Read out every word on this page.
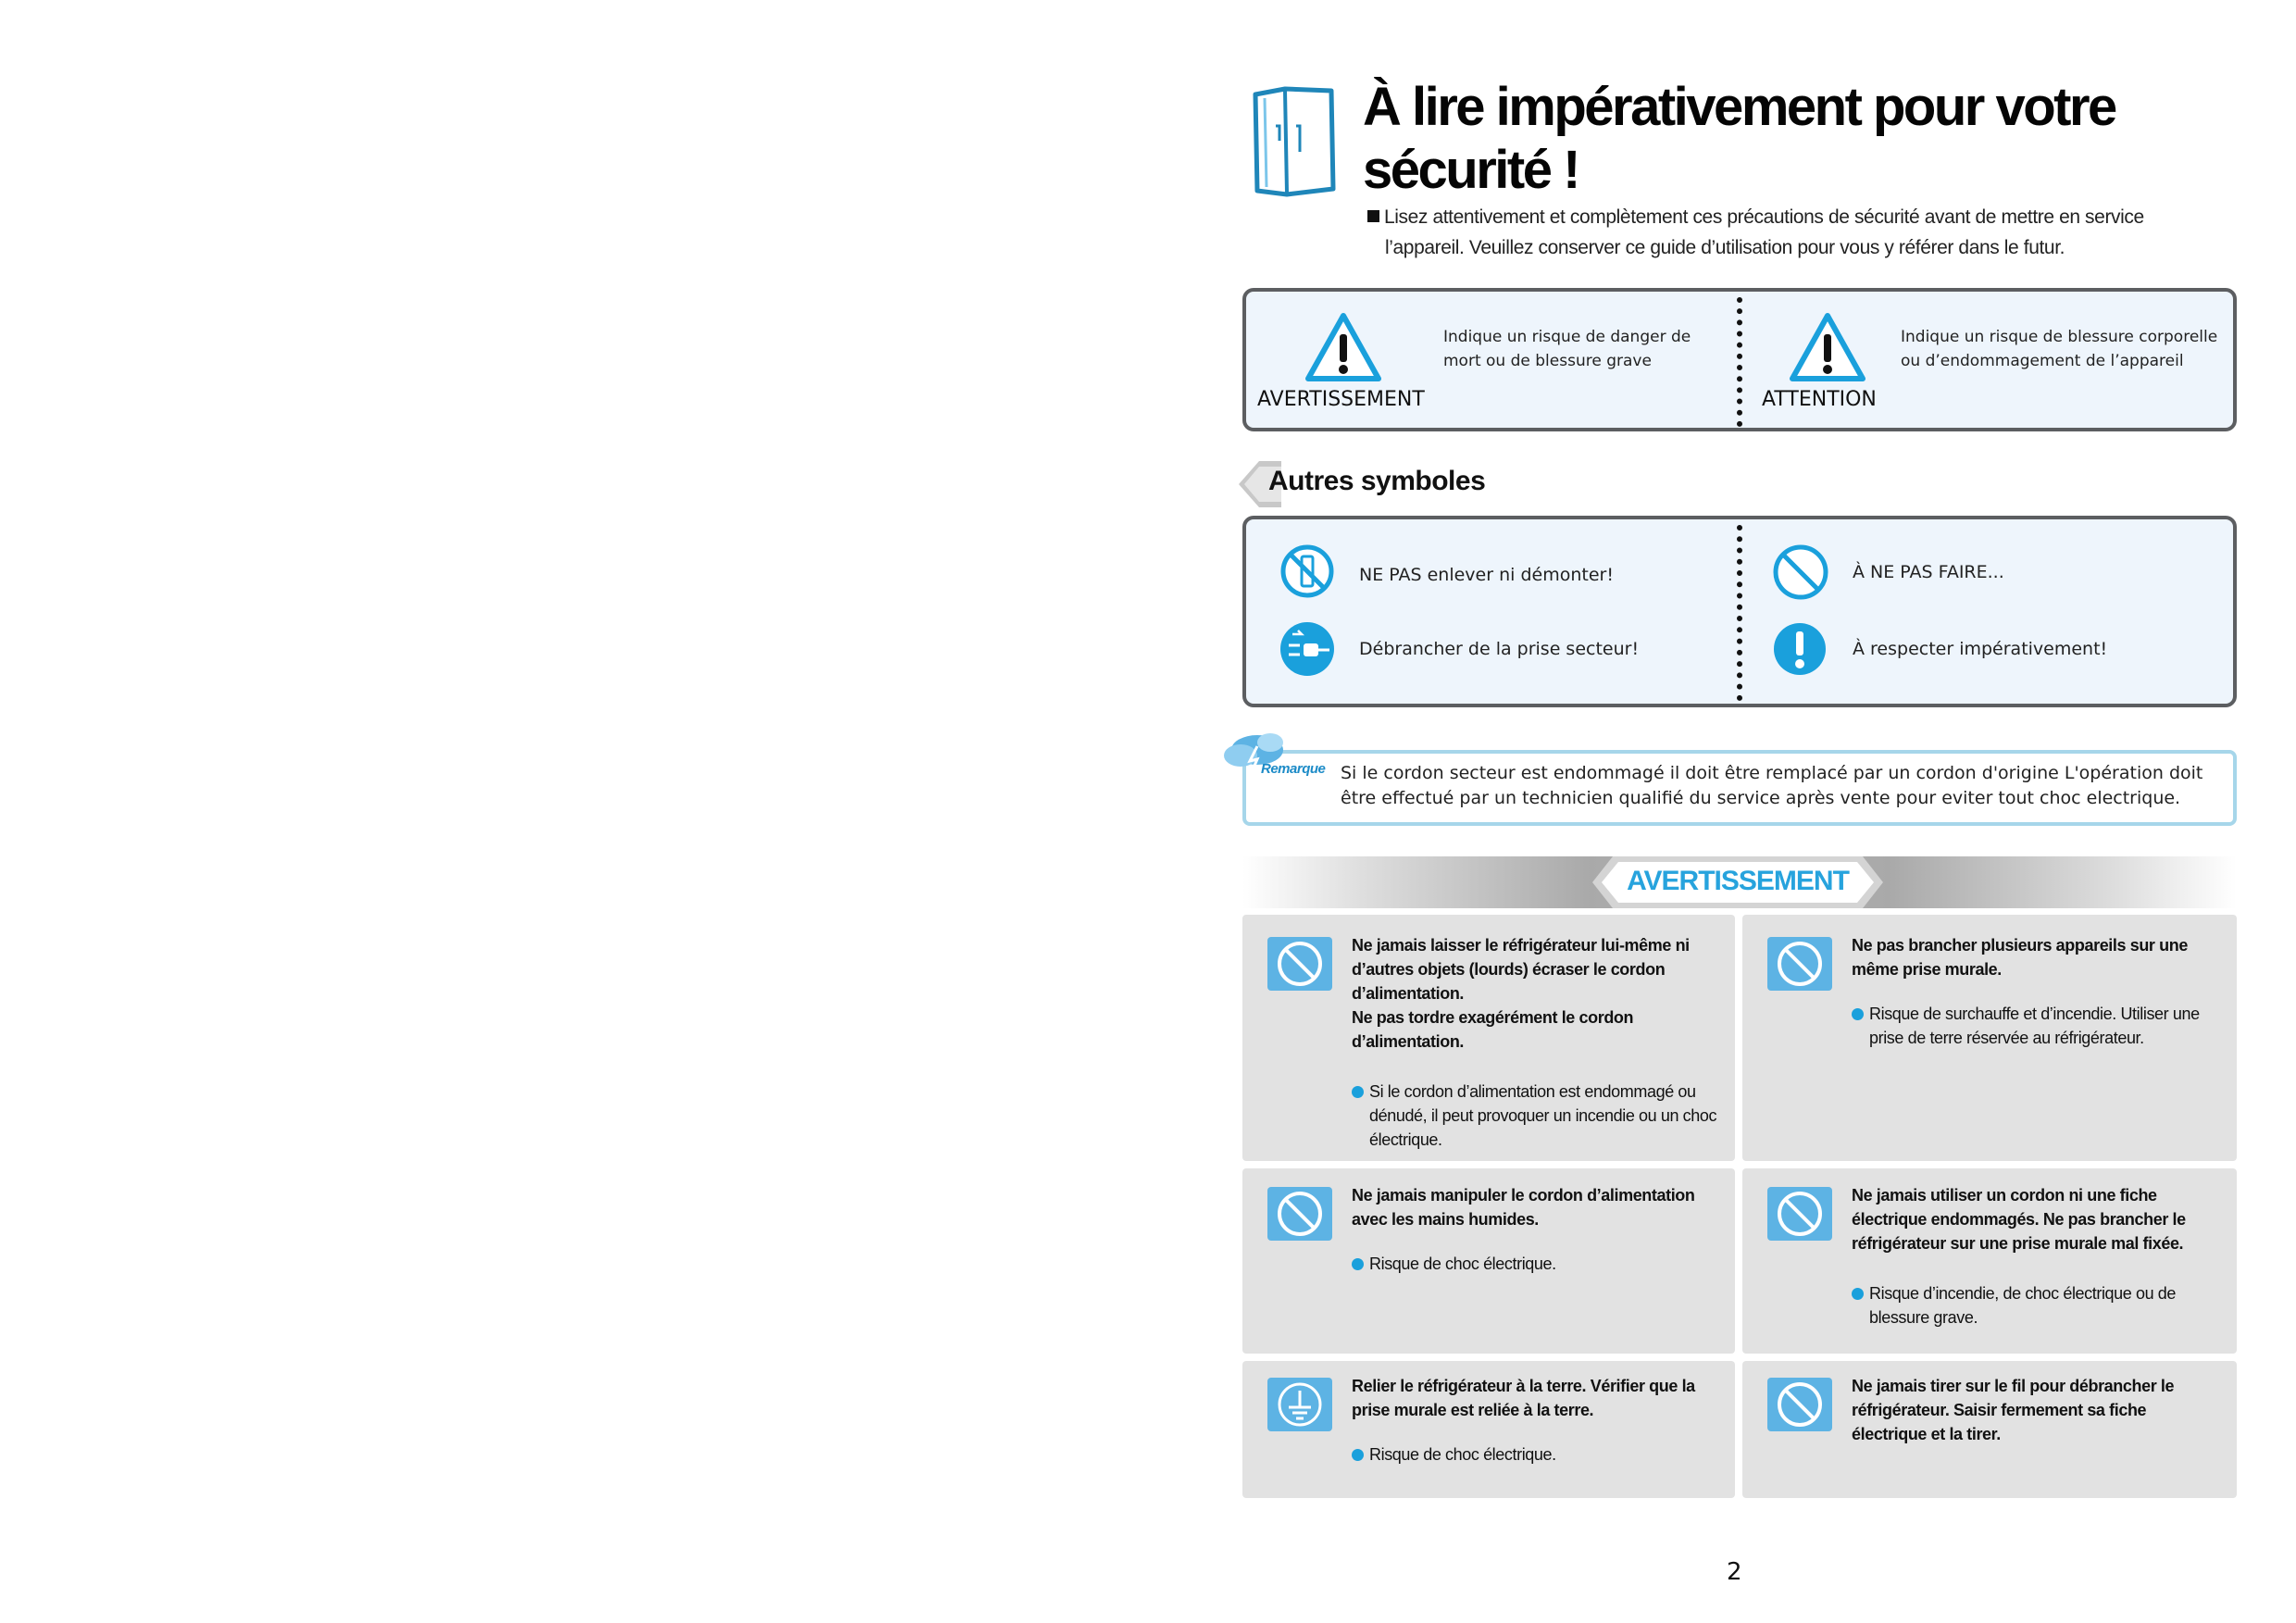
À lire impérativement pour votre sécurité !
Lisez attentivement et complètement ces précautions de sécurité avant de mettre en service
l’appareil. Veuillez conserver ce guide d’utilisation pour vous y référer dans le futur.
Indique un risque de danger de mort ou de blessure grave
AVERTISSEMENT
Indique un risque de blessure corporelle ou d’endommagement de l’appareil
ATTENTION
Autres symboles
NE PAS enlever ni démonter!
Débrancher de la prise secteur!
À NE PAS FAIRE...
À respecter impérativement!
Remarque Si le cordon secteur est endommagé il doit être remplacé par un cordon d'origine L'opération doit être effectué par un technicien qualifié du service après vente pour eviter tout choc electrique.
AVERTISSEMENT
Ne jamais laisser le réfrigérateur lui-même ni d’autres objets (lourds) écraser le cordon d’alimentation.
Ne pas tordre exagérément le cordon d’alimentation.
Si le cordon d’alimentation est endommagé ou dénudé, il peut provoquer un incendie ou un choc électrique.
Ne pas brancher plusieurs appareils sur une même prise murale.
Risque de surchauffe et d’incendie. Utiliser une prise de terre réservée au réfrigérateur.
Ne jamais manipuler le cordon d’alimentation avec les mains humides.
Risque de choc électrique.
Ne jamais utiliser un cordon ni une fiche électrique endommagés. Ne pas brancher le réfrigérateur sur une prise murale mal fixée.
Risque d’incendie, de choc électrique ou de blessure grave.
Relier le réfrigérateur à la terre. Vérifier que la prise murale est reliée à la terre.
Risque de choc électrique.
Ne jamais tirer sur le fil pour débrancher le réfrigérateur. Saisir fermement sa fiche électrique et la tirer.
2
